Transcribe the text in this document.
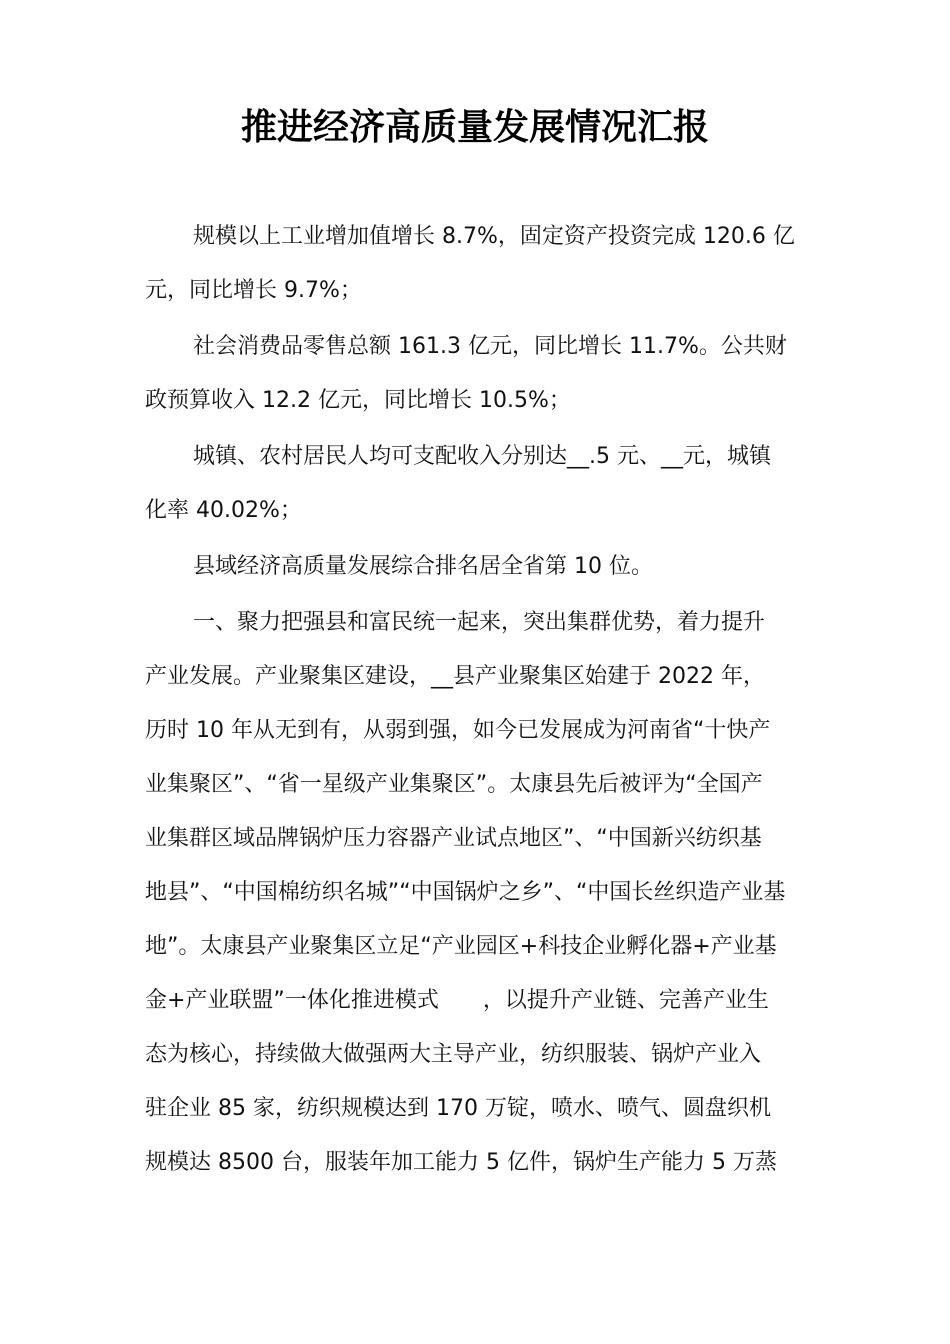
推进经济高质量发展情况汇报

规模以上工业增加值增长 8.7%，固定资产投资完成 120.6 亿
元，同比增长 9.7%；

社会消费品零售总额 161.3 亿元，同比增长 11.7%。公共财
政预算收入 12.2 亿元，同比增长 10.5%；

城镇、农村居民人均可支配收入分别达__.5 元、__元，城镇
化率 40.02%；

县域经济高质量发展综合排名居全省第 10 位。

一、聚力把强县和富民统一起来，突出集群优势，着力提升
产业发展。产业聚集区建设，__县产业聚集区始建于 2022 年，
历时 10 年从无到有，从弱到强，如今已发展成为河南省“十快产
业集聚区”、“省一星级产业集聚区”。太康县先后被评为“全国产
业集群区域品牌锅炉压力容器产业试点地区”、“中国新兴纺织基
地县”、“中国棉纺织名城”“中国锅炉之乡”、“中国长丝织造产业基
地”。太康县产业聚集区立足“产业园区+科技企业孵化器+产业基
金+产业联盟”一体化推进模式　　，以提升产业链、完善产业生
态为核心，持续做大做强两大主导产业，纺织服装、锅炉产业入
驻企业 85 家，纺织规模达到 170 万锭，喷水、喷气、圆盘织机
规模达 8500 台，服装年加工能力 5 亿件，锅炉生产能力 5 万蒸
